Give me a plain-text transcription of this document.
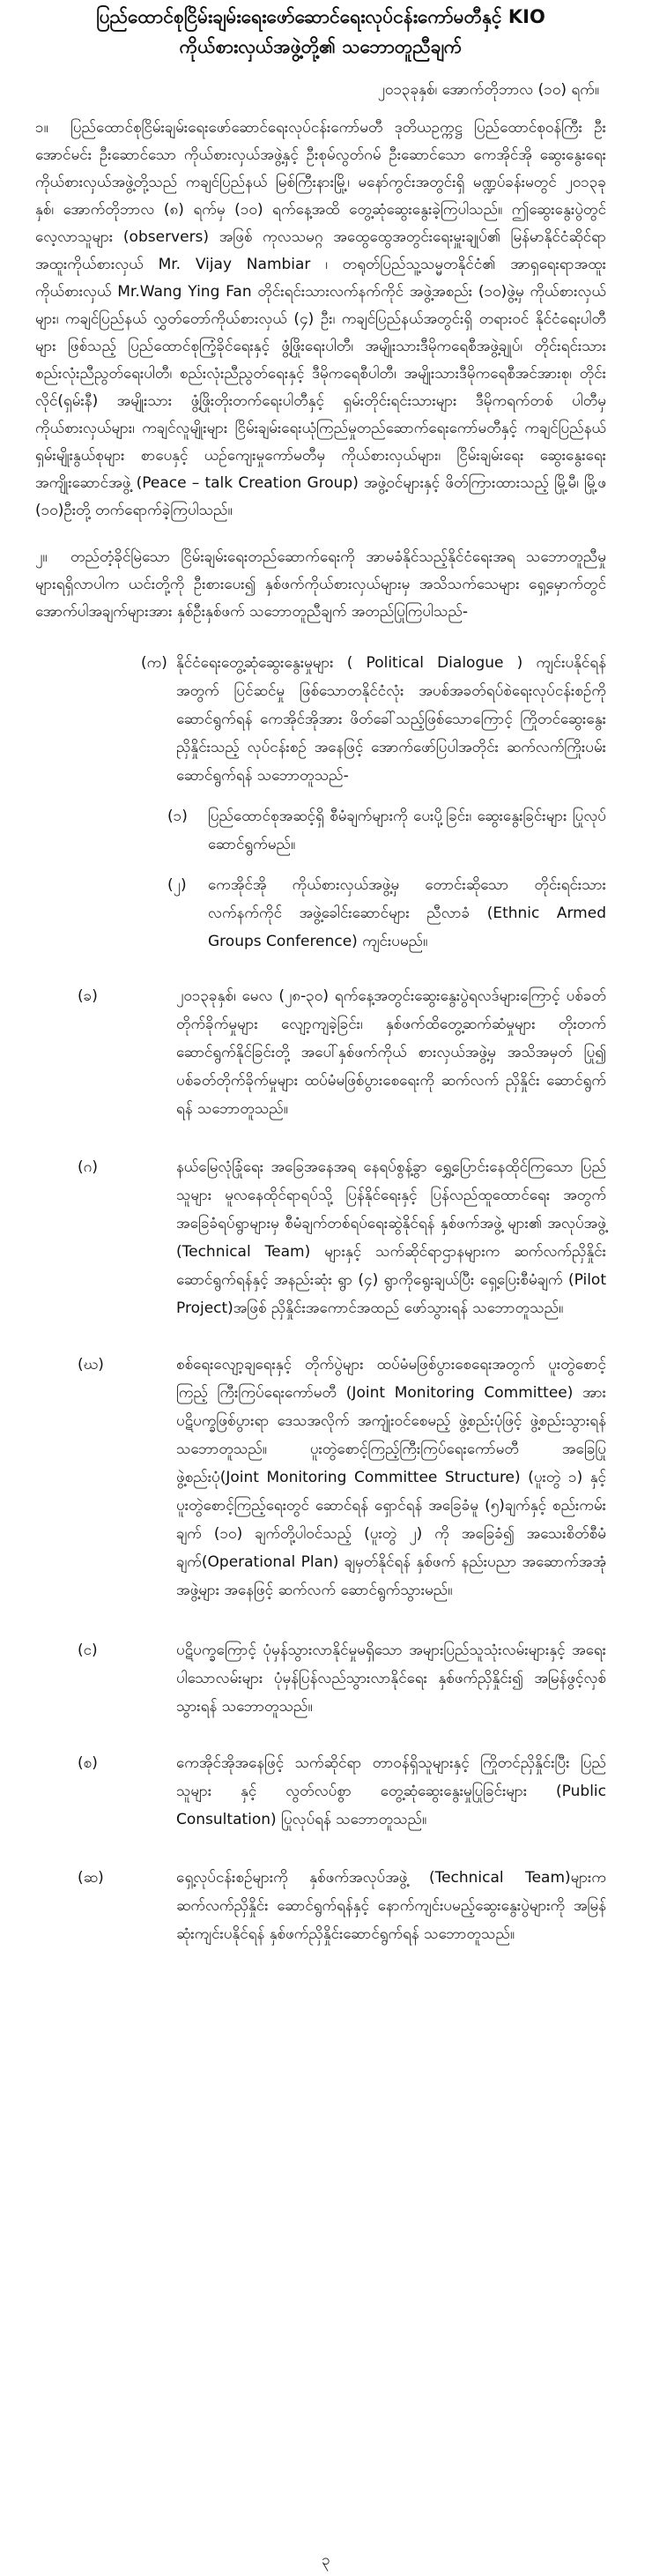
ပြည်ထောင်စုငြိမ်းချမ်းရေးဖော်ဆောင်ရေးလုပ်ငန်းကော်မတီနှင့် KIO
ကိုယ်စားလှယ်အဖွဲ့တို့၏ သဘောတူညီချက်
၂၀၁၃ခုနှစ်၊ အောက်တိုဘာလ (၁၀) ရက်။
၁။	ပြည်ထောင်စုငြိမ်းချမ်းရေးဖော်ဆောင်ရေးလုပ်ငန်းကော်မတီ ဒုတိယဥက္ကဋ္ဌ ပြည်ထောင်စုဝန်ကြီး ဦးအောင်မင်း ဦးဆောင်သော ကိုယ်စားလှယ်အဖွဲ့နှင့် ဦးစုမ်လွတ်ဂမ် ဦးဆောင်သော ကေအိုင်အို ဆွေးနွေးရေး ကိုယ်စားလှယ်အဖွဲ့တို့သည် ကချင်ပြည်နယ် မြစ်ကြီးနားမြို့၊ မနော်ကွင်းအတွင်းရှိ မဏ္ဍပ်ခန်းမတွင် ၂၀၁၃ခုနှစ်၊ အောက်တိုဘာလ (၈) ရက်မှ (၁၀) ရက်နေ့အထိ တွေ့ဆုံဆွေးနွေးခဲ့ကြပါသည်။ ဤဆွေးနွေးပွဲတွင် လေ့လာသူများ (observers) အဖြစ် ကုလသမဂ္ဂ အထွေထွေအတွင်းရေးမှူးချုပ်၏ မြန်မာနိုင်ငံဆိုင်ရာ အထူးကိုယ်စားလှယ် Mr. Vijay Nambiar ၊ တရုတ်ပြည်သူ့သမ္မတနိုင်ငံ၏ အာရှရေးရာအထူးကိုယ်စားလှယ် Mr.Wang Ying Fan တိုင်းရင်းသားလက်နက်ကိုင် အဖွဲ့အစည်း (၁၀)ဖွဲ့မှ ကိုယ်စားလှယ်များ၊ ကချင်ပြည်နယ် လွှတ်တော်ကိုယ်စားလှယ် (၄) ဦး၊ ကချင်ပြည်နယ်အတွင်းရှိ တရားဝင် နိုင်ငံရေးပါတီများ ဖြစ်သည့် ပြည်ထောင်စုကြံ့ခိုင်ရေးနှင့် ဖွံ့ဖြိုးရေးပါတီ၊ အမျိုးသားဒီမိုကရေစီအဖွဲ့ချုပ်၊ တိုင်းရင်းသားစည်းလုံးညီညွတ်ရေးပါတီ၊ စည်းလုံးညီညွတ်ရေးနှင့် ဒီမိုကရေစီပါတီ၊ အမျိုးသားဒီမိုကရေစီအင်အားစု၊ တိုင်းလိုင်(ရှမ်းနီ) အမျိုးသား ဖွံ့ဖြိုးတိုးတက်ရေးပါတီနှင့် ရှမ်းတိုင်းရင်းသားများ ဒီမိုကရက်တစ် ပါတီမှ ကိုယ်စားလှယ်များ၊ ကချင်လူမျိုးများ ငြိမ်းချမ်းရေးယုံကြည်မှုတည်ဆောက်ရေးကော်မတီနှင့် ကချင်ပြည်နယ် ရှမ်းမျိုးနွယ်စုများ စာပေနှင့် ယဉ်ကျေးမှုကော်မတီမှ ကိုယ်စားလှယ်များ၊ ငြိမ်းချမ်းရေး ဆွေးနွေးရေး အကျိုးဆောင်အဖွဲ့ (Peace – talk Creation Group) အဖွဲ့ဝင်များနှင့် ဖိတ်ကြားထားသည့် မြို့မီ၊ မြို့ဖ (၁၀)ဦးတို့ တက်ရောက်ခဲ့ကြပါသည်။
၂။	တည်တံ့ခိုင်မြဲသော ငြိမ်းချမ်းရေးတည်ဆောက်ရေးကို အာမခံနိုင်သည့်နိုင်ငံရေးအရ သဘောတူညီမှု များရရှိလာပါက ယင်းတို့ကို ဦးစားပေး၍ နှစ်ဖက်ကိုယ်စားလှယ်များမှ အသိသက်သေများ ရှေ့မှောက်တွင် အောက်ပါအချက်များအား နှစ်ဦးနှစ်ဖက် သဘောတူညီချက် အတည်ပြုကြပါသည်-
(က) နိုင်ငံရေးတွေ့ဆုံဆွေးနွေးမှုများ ( Political Dialogue ) ကျင်းပနိုင်ရန် အတွက် ပြင်ဆင်မှု ဖြစ်သောတနိုင်ငံလုံး အပစ်အခတ်ရပ်စဲရေးလုပ်ငန်းစဉ်ကို ဆောင်ရွက်ရန် ကေအိုင်အိုအား ဖိတ်ခေါ်သည့်ဖြစ်သောကြောင့် ကြိုတင်ဆွေးနွေးညှိနှိုင်းသည့် လုပ်ငန်းစဉ် အနေဖြင့် အောက်ဖော်ပြပါအတိုင်း ဆက်လက်ကြိုးပမ်းဆောင်ရွက်ရန် သဘောတူသည်-
(၁) ပြည်ထောင်စုအဆင့်ရှိ စီမံချက်များကို ပေးပို့ခြင်း၊ ဆွေးနွေးခြင်းများ ပြုလုပ် ဆောင်ရွက်မည်။
(၂) ကေအိုင်အို ကိုယ်စားလှယ်အဖွဲ့မှ တောင်းဆိုသော တိုင်းရင်းသား လက်နက်ကိုင် အဖွဲ့ခေါင်းဆောင်များ ညီလာခံ (Ethnic Armed Groups Conference) ကျင်းပမည်။
(ခ)	၂၀၁၃ခုနှစ်၊ မေလ (၂၈-၃၀) ရက်နေ့အတွင်းဆွေးနွေးပွဲရလဒ်များကြောင့် ပစ်ခတ်တိုက်ခိုက်မှုများ လျော့ကျခဲ့ခြင်း၊ နှစ်ဖက်ထိတွေ့ဆက်ဆံမှုများ တိုးတက်ဆောင်ရွက်နိုင်ခြင်းတို့ အပေါ်နှစ်ဖက်ကိုယ် စားလှယ်အဖွဲ့မှ အသိအမှတ် ပြု၍ ပစ်ခတ်တိုက်ခိုက်မှုများ ထပ်မံမဖြစ်ပွားစေရေးကို ဆက်လက် ညှိနှိုင်း ဆောင်ရွက်ရန် သဘောတူသည်။
(ဂ)	နယ်မြေလုံခြုံရေး အခြေအနေအရ နေရပ်စွန့်ခွာ ရွှေ့ပြောင်းနေထိုင်ကြသော ပြည်သူများ မူလနေထိုင်ရာရပ်သို့ ပြန်နိုင်ရေးနှင့် ပြန်လည်ထူထောင်ရေး အတွက် အခြေခံရပ်ရွာများမှ စီမံချက်တစ်ရပ်ရေးဆွဲနိုင်ရန် နှစ်ဖက်အဖွဲ့ များ၏ အလုပ်အဖွဲ့ (Technical Team) များနှင့် သက်ဆိုင်ရာဌာနများက ဆက်လက်ညှိနှိုင်း ဆောင်ရွက်ရန်နှင့် အနည်းဆုံး ရွာ (၄) ရွာကိုရွေးချယ်ပြီး ရှေ့ပြေးစီမံချက် (Pilot Project)အဖြစ် ညှိနှိုင်းအကောင်အထည် ဖော်သွားရန် သဘောတူသည်။
(ဃ)	စစ်ရေးလျော့ချရေးနှင့် တိုက်ပွဲများ ထပ်မံမဖြစ်ပွားစေရေးအတွက် ပူးတွဲစောင့်ကြည့် ကြီးကြပ်ရေးကော်မတီ (Joint Monitoring Committee) အား ပဋိပက္ခဖြစ်ပွားရာ ဒေသအလိုက် အကျုံးဝင်စေမည့် ဖွဲ့စည်းပုံဖြင့် ဖွဲ့စည်းသွားရန် သဘောတူသည်။ ပူးတွဲစောင့်ကြည့်ကြီးကြပ်ရေးကော်မတီ အခြေပြုဖွဲ့စည်းပုံ(Joint Monitoring Committee Structure) (ပူးတွဲ ၁) နှင့် ပူးတွဲစောင့်ကြည့်ရေးတွင် ဆောင်ရန် ရှောင်ရန် အခြေခံမူ (၅)ချက်နှင့် စည်းကမ်းချက် (၁၀) ချက်တို့ပါဝင်သည့် (ပူးတွဲ ၂) ကို အခြေခံ၍ အသေးစိတ်စီမံချက်(Operational Plan) ချမှတ်နိုင်ရန် နှစ်ဖက် နည်းပညာ အဆောက်အအုံအဖွဲ့များ အနေဖြင့် ဆက်လက် ဆောင်ရွက်သွားမည်။
(င)	ပဋိပက္ခကြောင့် ပုံမှန်သွားလာနိုင်မှုမရှိသော အများပြည်သူသုံးလမ်းများနှင့် အရေးပါသောလမ်းများ ပုံမှန်ပြန်လည်သွားလာနိုင်ရေး နှစ်ဖက်ညှိနှိုင်း၍ အမြန်ဖွင့်လှစ်သွားရန် သဘောတူသည်။
(စ)	ကေအိုင်အိုအနေဖြင့် သက်ဆိုင်ရာ တာဝန်ရှိသူများနှင့် ကြိုတင်ညှိနှိုင်းပြီး ပြည်သူများ နှင့် လွတ်လပ်စွာ တွေ့ဆုံဆွေးနွေးမှုပြုခြင်းများ (Public Consultation) ပြုလုပ်ရန် သဘောတူသည်။
(ဆ)	ရှေ့လုပ်ငန်းစဉ်များကို နှစ်ဖက်အလုပ်အဖွဲ့ (Technical Team)များက ဆက်လက်ညှိနှိုင်း ဆောင်ရွက်ရန်နှင့် နောက်ကျင်းပမည့်ဆွေးနွေးပွဲများကို အမြန်ဆုံးကျင်းပနိုင်ရန် နှစ်ဖက်ညှိနှိုင်းဆောင်ရွက်ရန် သဘောတူသည်။
၃
